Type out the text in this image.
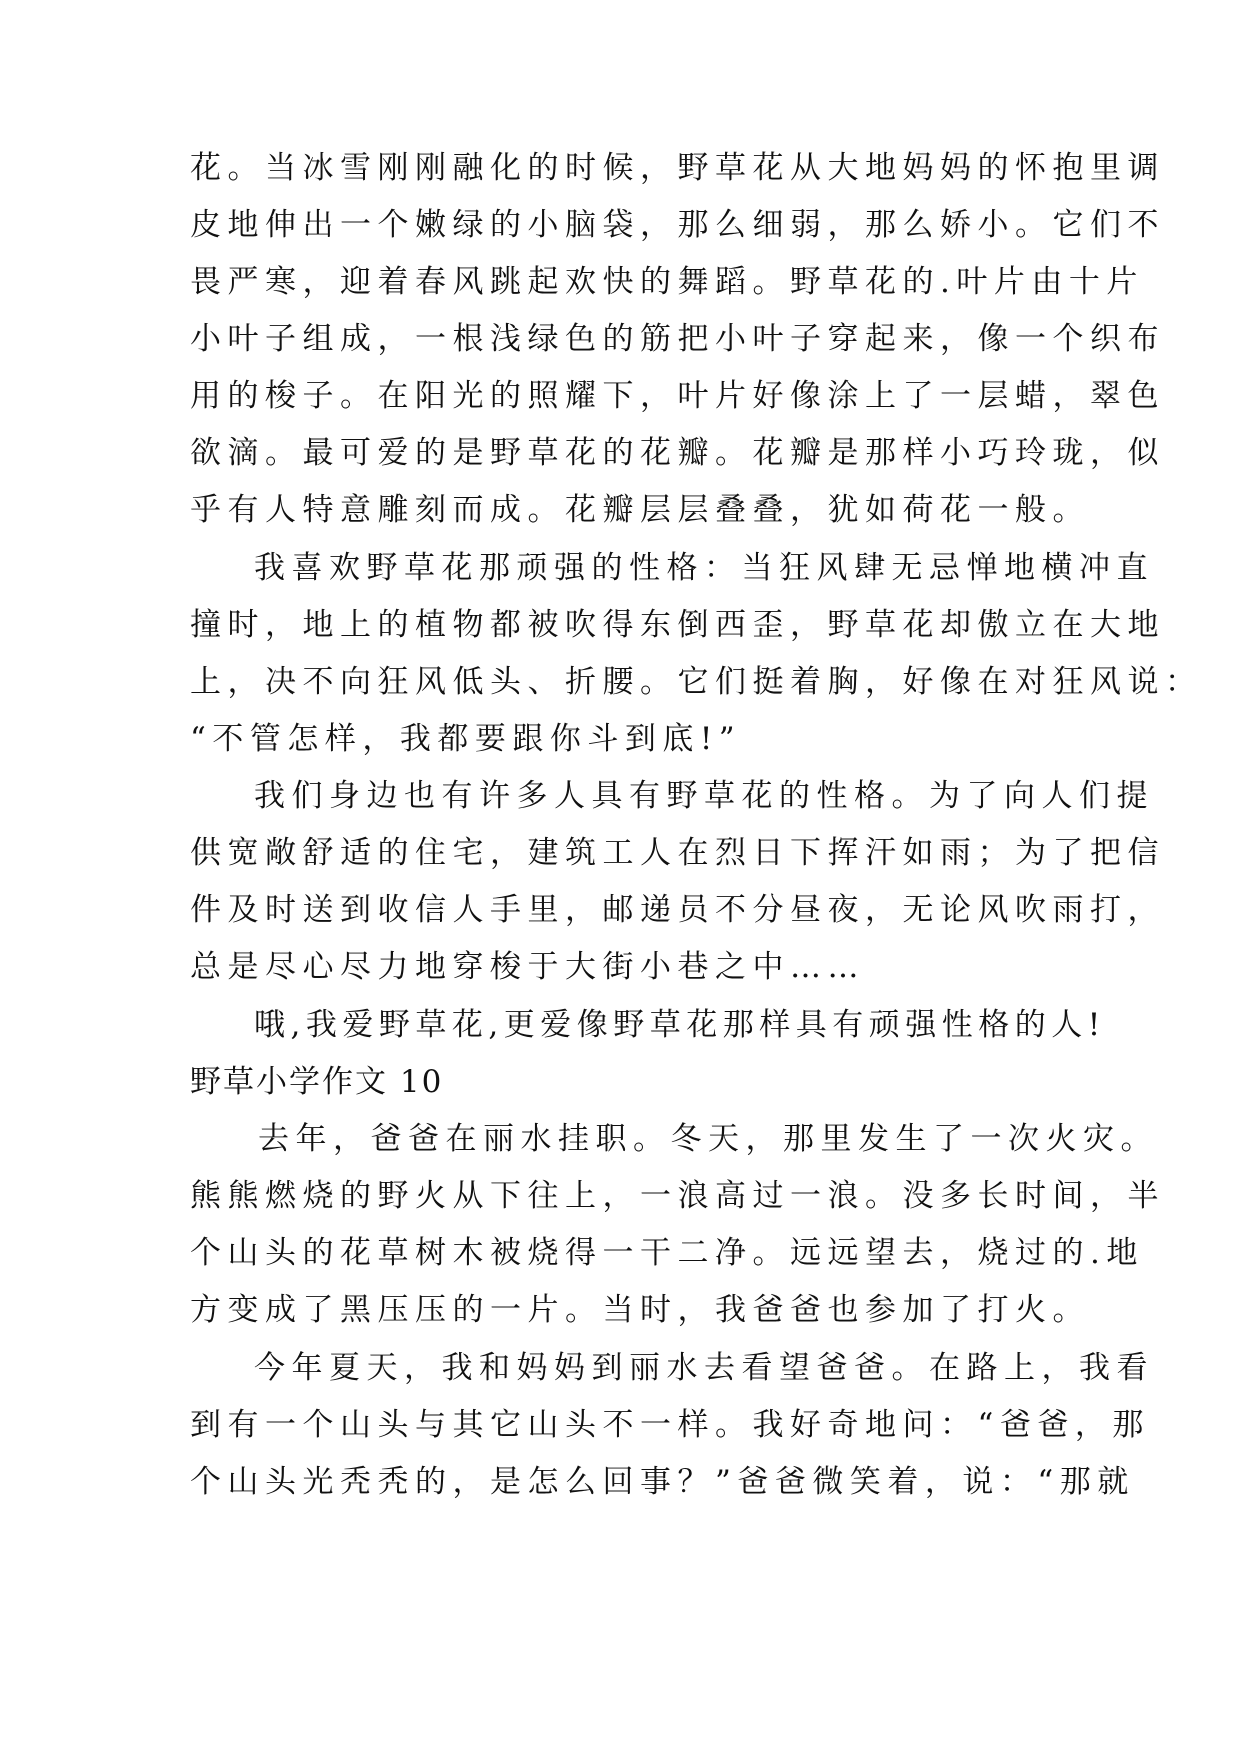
花。当冰雪刚刚融化的时候，野草花从大地妈妈的怀抱里调
皮地伸出一个嫩绿的小脑袋，那么细弱，那么娇小。它们不
畏严寒，迎着春风跳起欢快的舞蹈。野草花的.叶片由十片
小叶子组成，一根浅绿色的筋把小叶子穿起来，像一个织布
用的梭子。在阳光的照耀下，叶片好像涂上了一层蜡，翠色
欲滴。最可爱的是野草花的花瓣。花瓣是那样小巧玲珑，似
乎有人特意雕刻而成。花瓣层层叠叠，犹如荷花一般。
我喜欢野草花那顽强的性格：当狂风肆无忌惮地横冲直
撞时，地上的植物都被吹得东倒西歪，野草花却傲立在大地
上，决不向狂风低头、折腰。它们挺着胸，好像在对狂风说：
“不管怎样，我都要跟你斗到底!”
我们身边也有许多人具有野草花的性格。为了向人们提
供宽敞舒适的住宅，建筑工人在烈日下挥汗如雨；为了把信
件及时送到收信人手里，邮递员不分昼夜，无论风吹雨打，
总是尽心尽力地穿梭于大街小巷之中……
哦,我爱野草花,更爱像野草花那样具有顽强性格的人!
野草小学作文 10
去年，爸爸在丽水挂职。冬天，那里发生了一次火灾。
熊熊燃烧的野火从下往上，一浪高过一浪。没多长时间，半
个山头的花草树木被烧得一干二净。远远望去，烧过的.地
方变成了黑压压的一片。当时，我爸爸也参加了打火。
今年夏天，我和妈妈到丽水去看望爸爸。在路上，我看
到有一个山头与其它山头不一样。我好奇地问：“爸爸，那
个山头光秃秃的，是怎么回事？”爸爸微笑着，说：“那就
